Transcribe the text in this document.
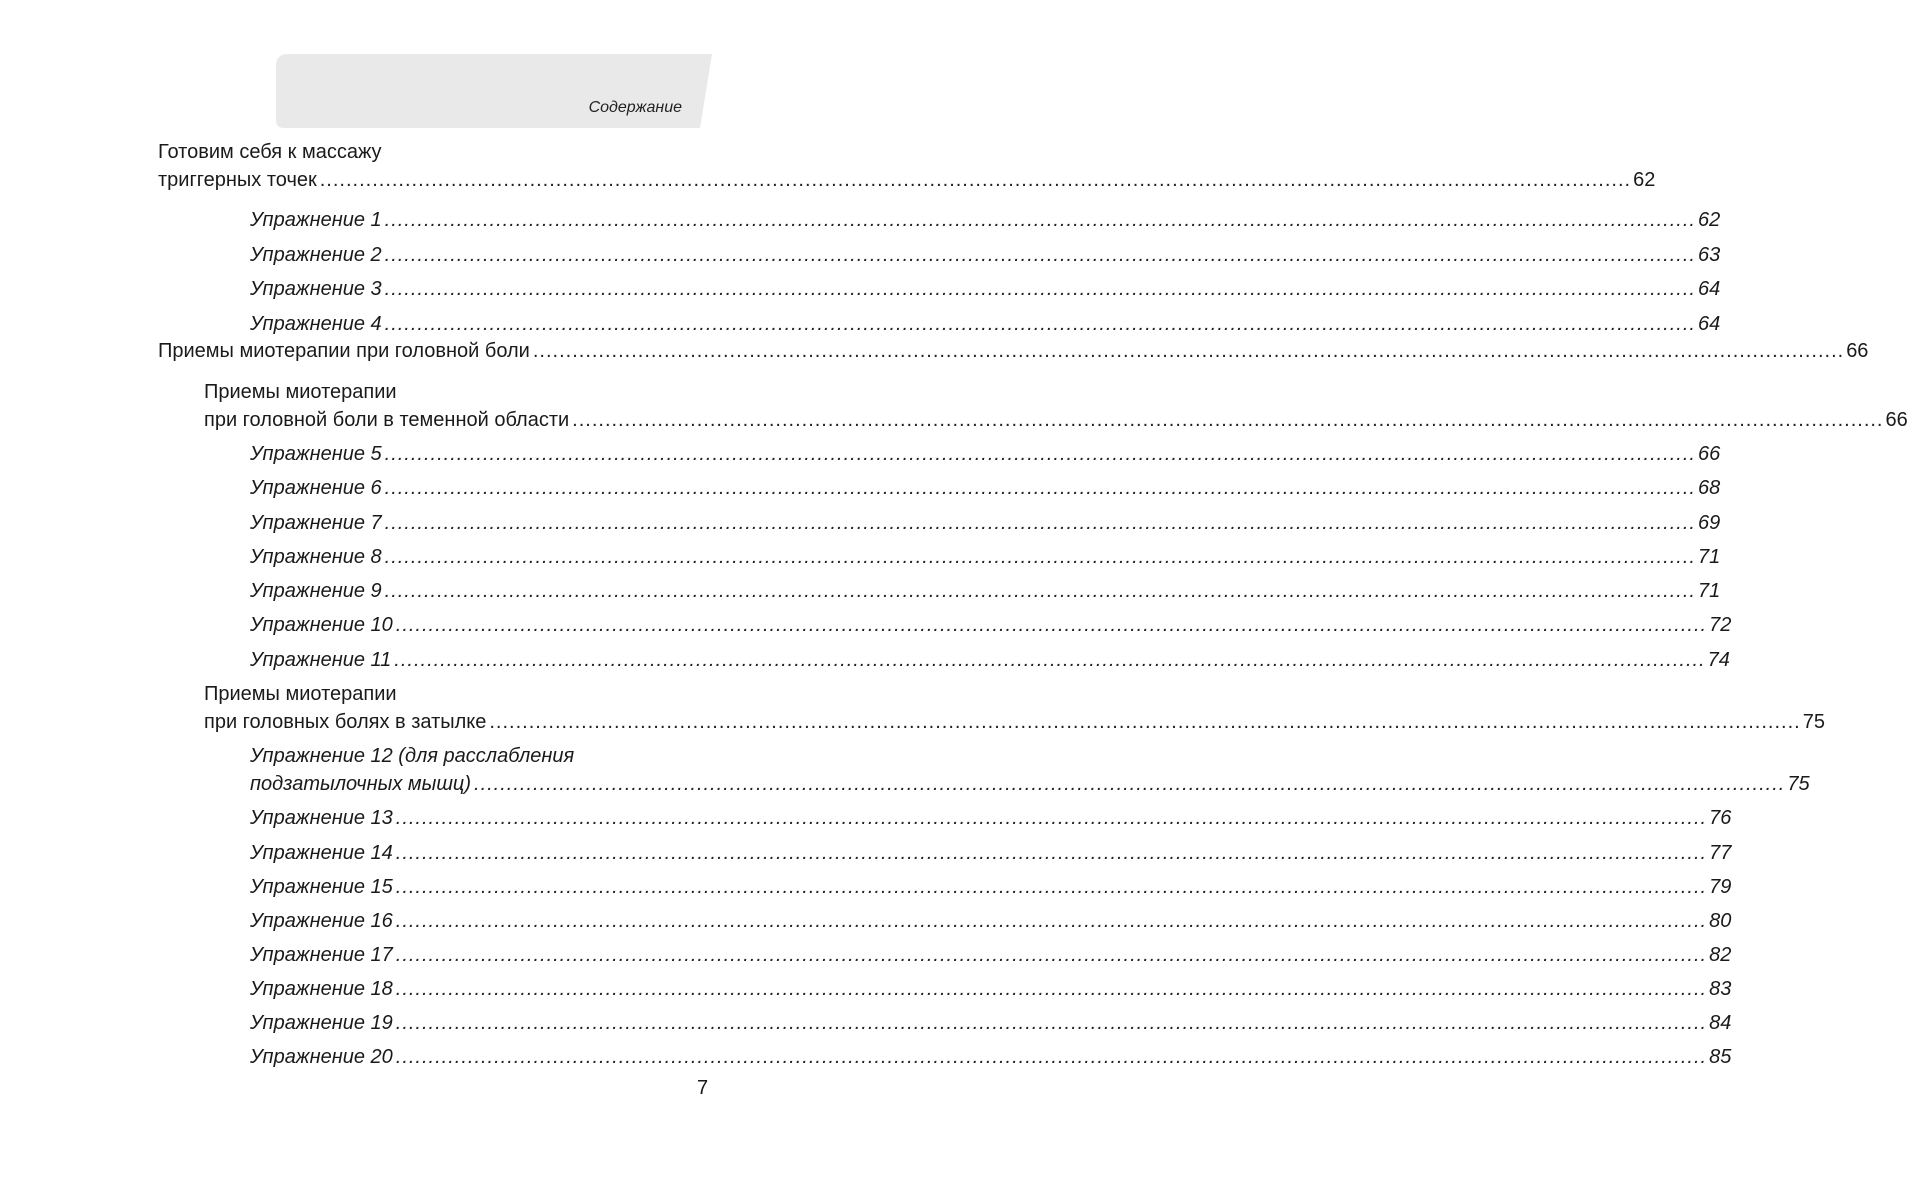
Содержание
Готовим себя к массажу
триггерных точек ........................................................................................................................................................................................................ 62
Упражнение 1 ........................................................................................................................................................................................................ 62
Упражнение 2 ........................................................................................................................................................................................................ 63
Упражнение 3 ........................................................................................................................................................................................................ 64
Упражнение 4 ........................................................................................................................................................................................................ 64
Приемы миотерапии при головной боли ........................................................................................................................................................................................................ 66
Приемы миотерапии
при головной боли в теменной области ........................................................................................................................................................................................................ 66
Упражнение 5 ........................................................................................................................................................................................................ 66
Упражнение 6 ........................................................................................................................................................................................................ 68
Упражнение 7 ........................................................................................................................................................................................................ 69
Упражнение 8 ........................................................................................................................................................................................................ 71
Упражнение 9 ........................................................................................................................................................................................................ 71
Упражнение 10 ........................................................................................................................................................................................................ 72
Упражнение 11 ........................................................................................................................................................................................................ 74
Приемы миотерапии
при головных болях в затылке ........................................................................................................................................................................................................ 75
Упражнение 12 (для расслабления
подзатылочных мышц) ........................................................................................................................................................................................................ 75
Упражнение 13 ........................................................................................................................................................................................................ 76
Упражнение 14 ........................................................................................................................................................................................................ 77
Упражнение 15 ........................................................................................................................................................................................................ 79
Упражнение 16 ........................................................................................................................................................................................................ 80
Упражнение 17 ........................................................................................................................................................................................................ 82
Упражнение 18 ........................................................................................................................................................................................................ 83
Упражнение 19 ........................................................................................................................................................................................................ 84
Упражнение 20 ........................................................................................................................................................................................................ 85
7
